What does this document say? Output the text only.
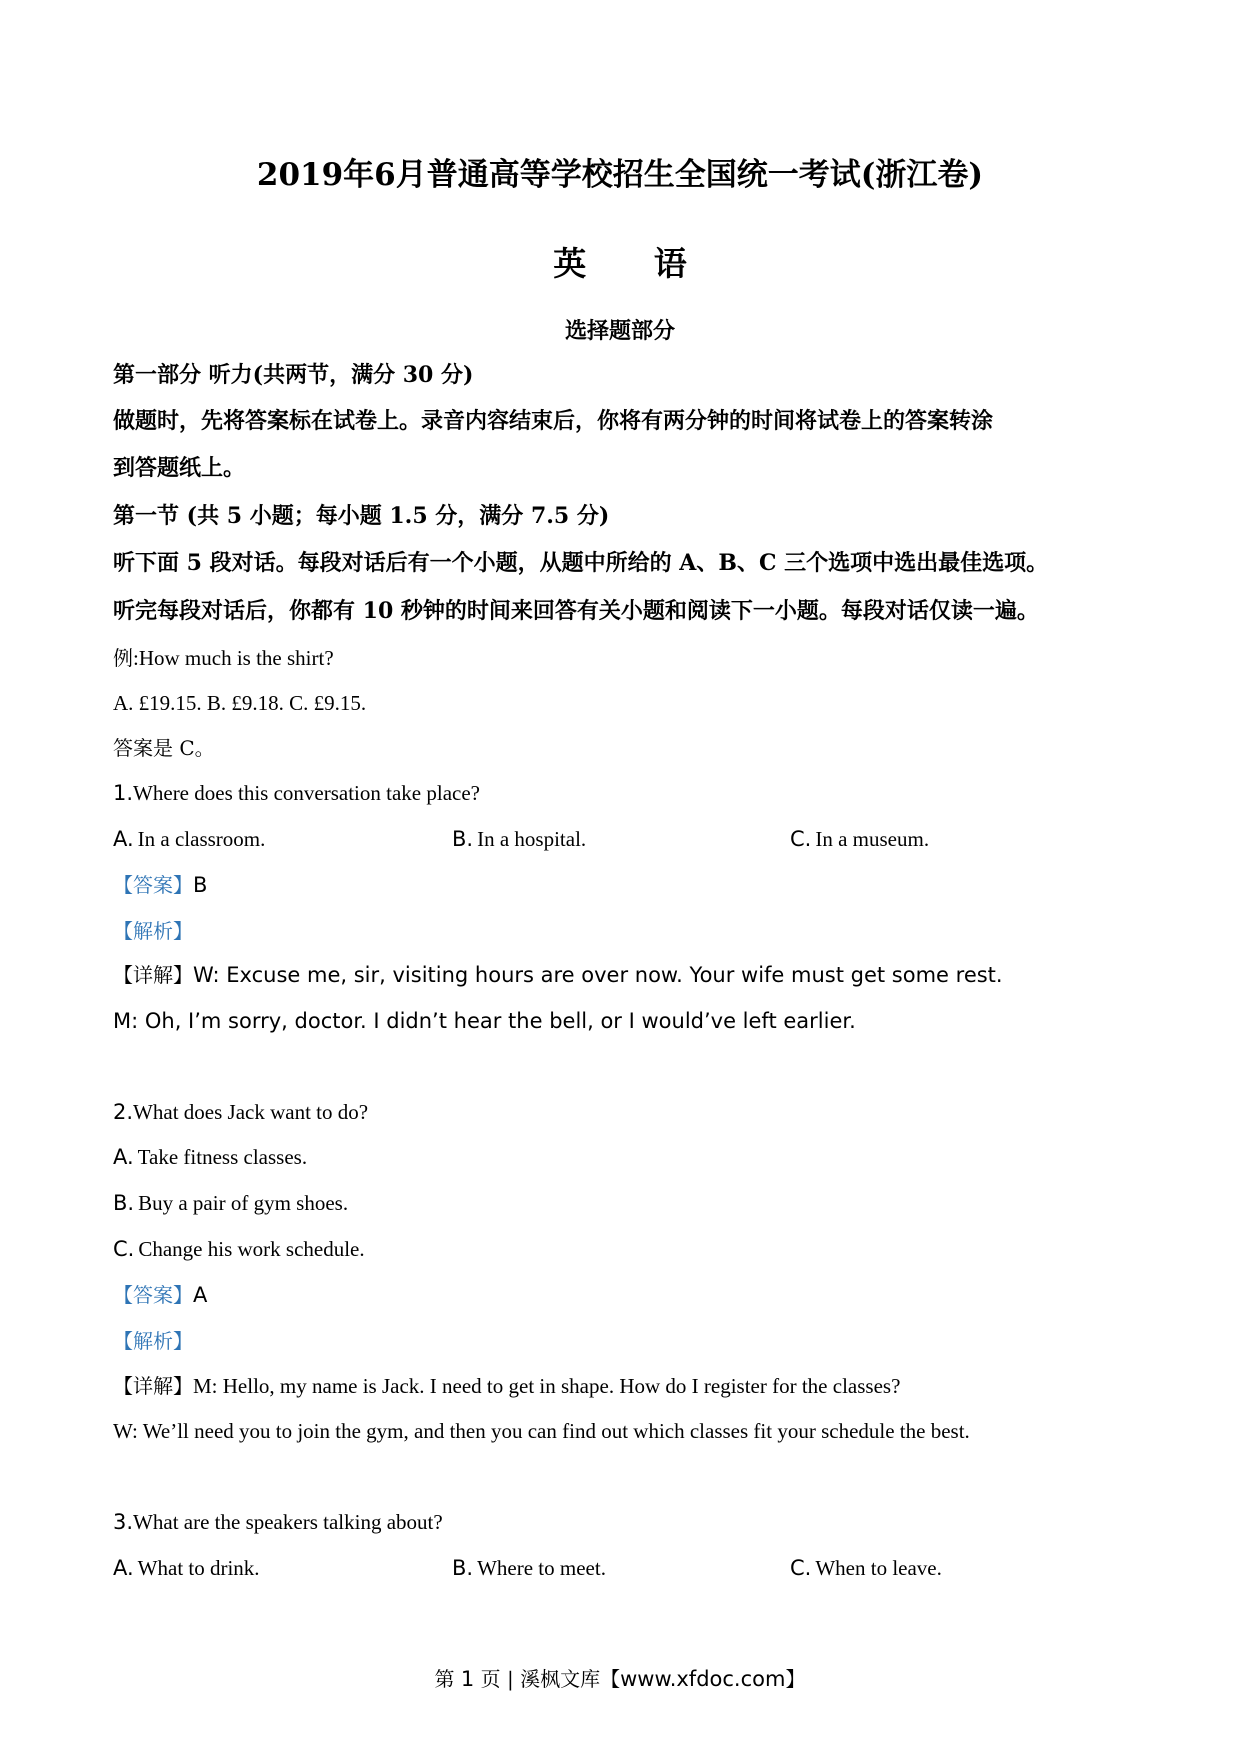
2019年6月普通高等学校招生全国统一考试(浙江卷)
英 语
选择题部分
第一部分 听力(共两节，满分 30 分)
做题时，先将答案标在试卷上。录音内容结束后，你将有两分钟的时间将试卷上的答案转涂
到答题纸上。
第一节 (共 5 小题；每小题 1.5 分，满分 7.5 分)
听下面 5 段对话。每段对话后有一个小题，从题中所给的 A、B、C 三个选项中选出最佳选项。
听完每段对话后，你都有 10 秒钟的时间来回答有关小题和阅读下一小题。每段对话仅读一遍。
例:How much is the shirt?
A. £19.15. B. £9.18. C. £9.15.
答案是 C。
1.Where does this conversation take place?
A. In a classroom.	B. In a hospital.	C. In a museum.
【答案】B
【解析】
【详解】W: Excuse me, sir, visiting hours are over now. Your wife must get some rest.
M: Oh, I’m sorry, doctor. I didn’t hear the bell, or I would’ve left earlier.
2.What does Jack want to do?
A. Take fitness classes.
B. Buy a pair of gym shoes.
C. Change his work schedule.
【答案】A
【解析】
【详解】M: Hello, my name is Jack. I need to get in shape. How do I register for the classes?
W: We’ll need you to join the gym, and then you can find out which classes fit your schedule the best.
3.What are the speakers talking about?
A. What to drink.	B. Where to meet.	C. When to leave.
第 1 页 | 溪枫文库【www.xfdoc.com】
